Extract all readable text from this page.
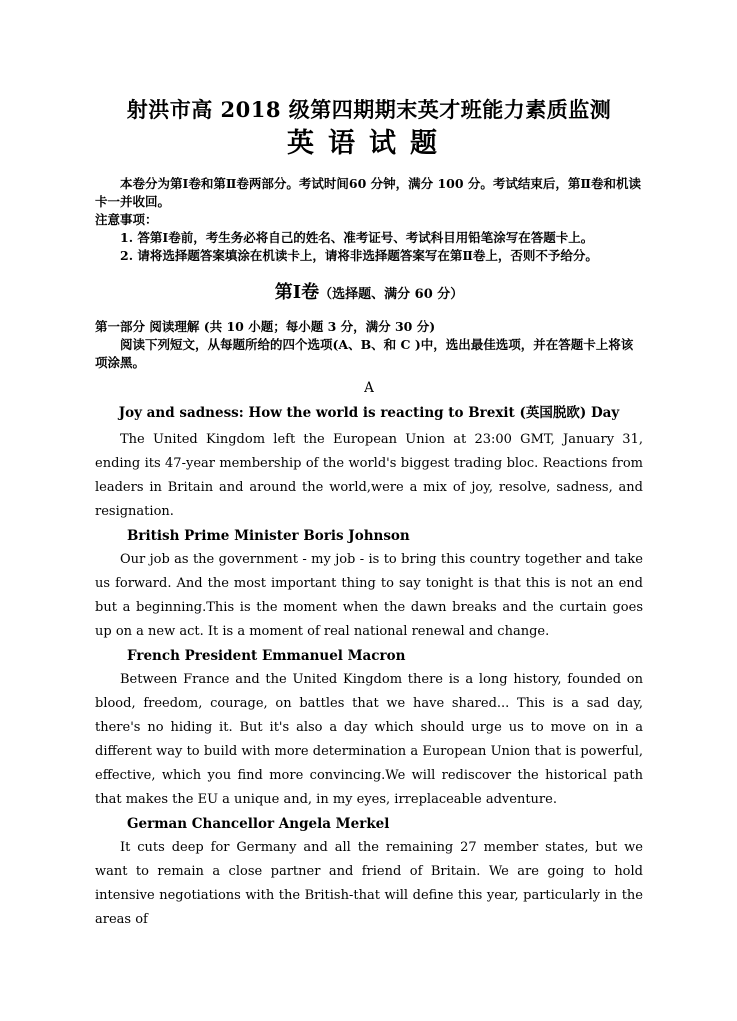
射洪市高 2018 级第四期期末英才班能力素质监测

英语试题

本卷分为第Ⅰ卷和第Ⅱ卷两部分。考试时间60 分钟，满分 100 分。考试结束后，第Ⅱ卷和机读卡一并收回。

注意事项：

1. 答第Ⅰ卷前，考生务必将自己的姓名、准考证号、考试科目用铅笔涂写在答题卡上。

2. 请将选择题答案填涂在机读卡上，请将非选择题答案写在第Ⅱ卷上，否则不予给分。

第Ⅰ卷（选择题、满分 60 分）

第一部分 阅读理解 (共 10 小题；每小题 3 分，满分 30 分)

阅读下列短文，从每题所给的四个选项(A、B、和 C )中，选出最佳选项，并在答题卡上将该项涂黑。

A

Joy and sadness: How the world is reacting to Brexit (英国脱欧) Day

The United Kingdom left the European Union at 23:00 GMT, January 31, ending its 47-year membership of the world's biggest trading bloc. Reactions from leaders in Britain and around the world,were a mix of joy, resolve, sadness, and resignation.

British Prime Minister Boris Johnson

Our job as the government - my job - is to bring this country together and take us forward. And the most important thing to say tonight is that this is not an end but a beginning.This is the moment when the dawn breaks and the curtain goes up on a new act. It is a moment of real national renewal and change.

French President Emmanuel Macron

Between France and the United Kingdom there is a long history, founded on blood, freedom, courage, on battles that we have shared... This is a sad day, there's no hiding it. But it's also a day which should urge us to move on in a different way to build with more determination a European Union that is powerful, effective, which you find more convincing.We will rediscover the historical path that makes the EU a unique and, in my eyes, irreplaceable adventure.

German Chancellor Angela Merkel

It cuts deep for Germany and all the remaining 27 member states, but we want to remain a close partner and friend of Britain. We are going to hold intensive negotiations with the British-that will define this year, particularly in the areas of
